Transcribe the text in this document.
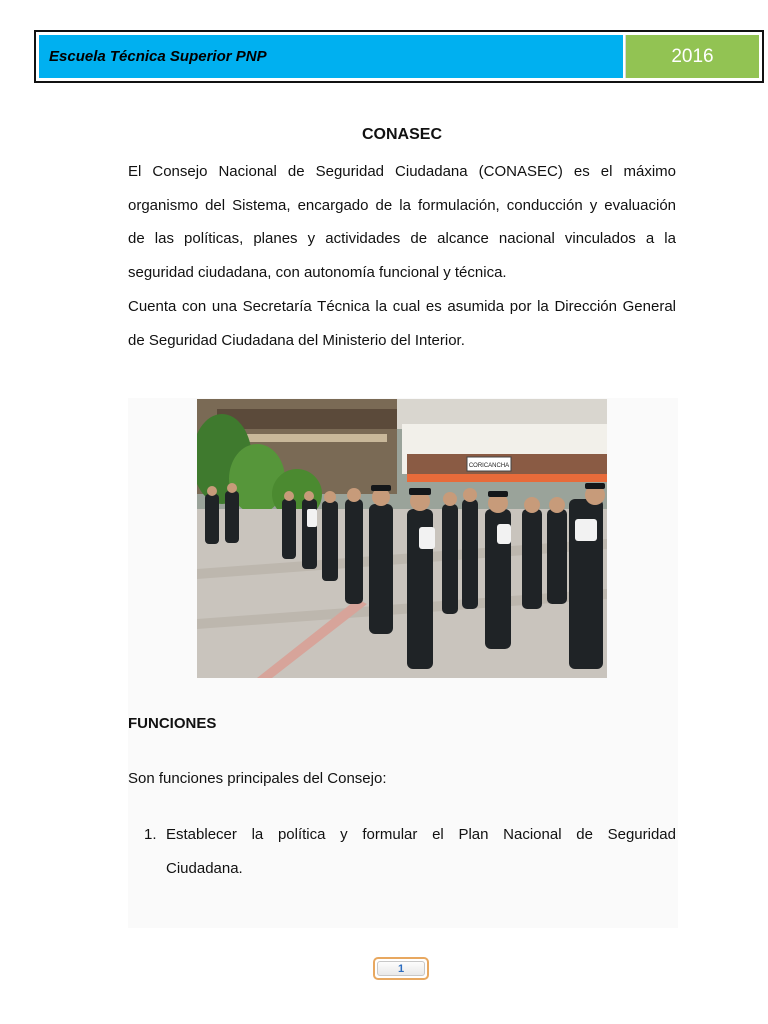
Escuela Técnica Superior PNP	2016
CONASEC
El Consejo Nacional de Seguridad Ciudadana (CONASEC) es el máximo
organismo del Sistema, encargado de la formulación, conducción y evaluación
de las políticas, planes y actividades de alcance nacional vinculados a la
seguridad ciudadana, con autonomía funcional y técnica.
Cuenta con una Secretaría Técnica la cual es asumida por la Dirección General
de Seguridad Ciudadana del Ministerio del Interior.
CORICANCHA
FUNCIONES
Son funciones principales del Consejo:
1. Establecer la política y formular el Plan Nacional de Seguridad
Ciudadana.
1
